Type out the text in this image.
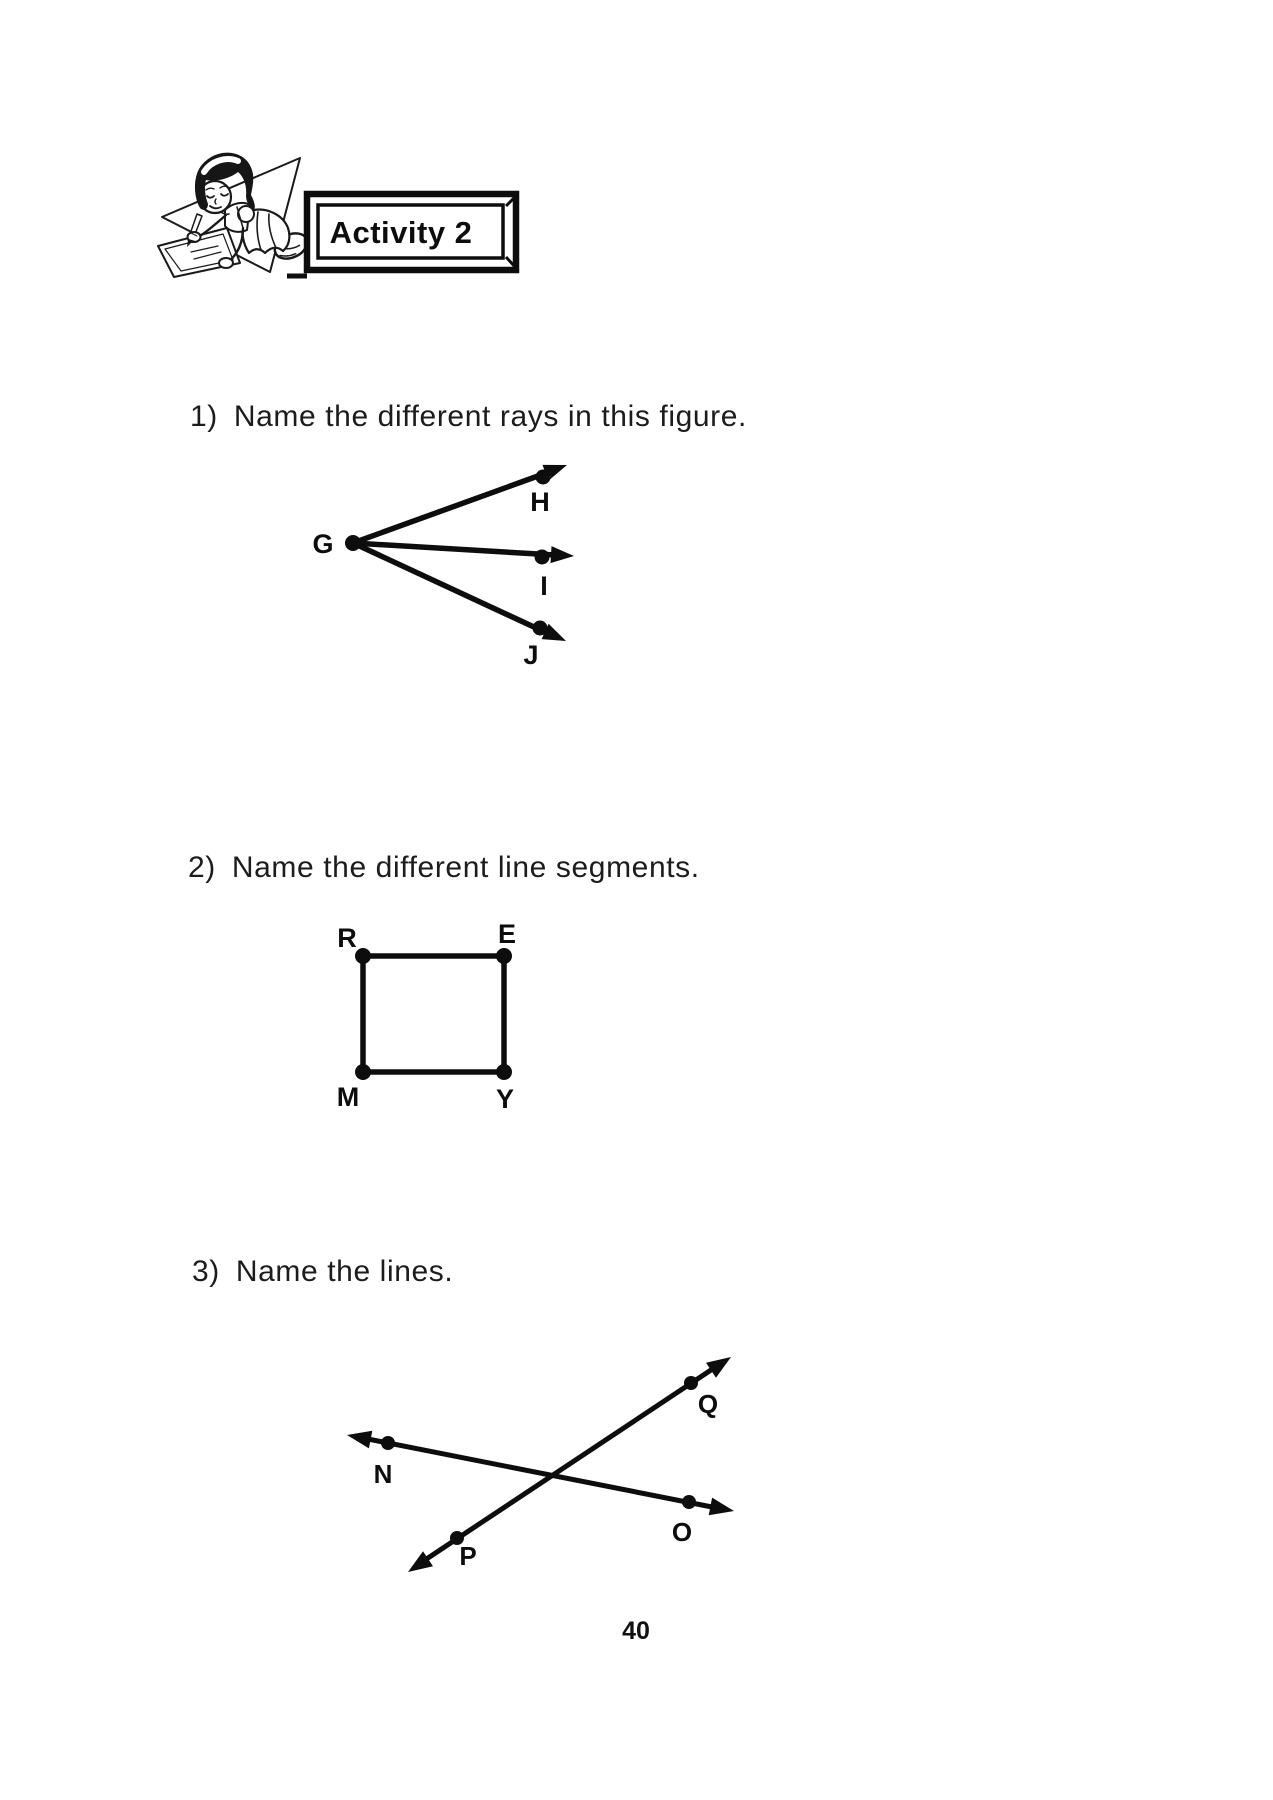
Activity 2
1) Name the different rays in this figure.
G
H
I
J
2) Name the different line segments.
R	E
M	Y
3) Name the lines.
N
O
P
Q
40
